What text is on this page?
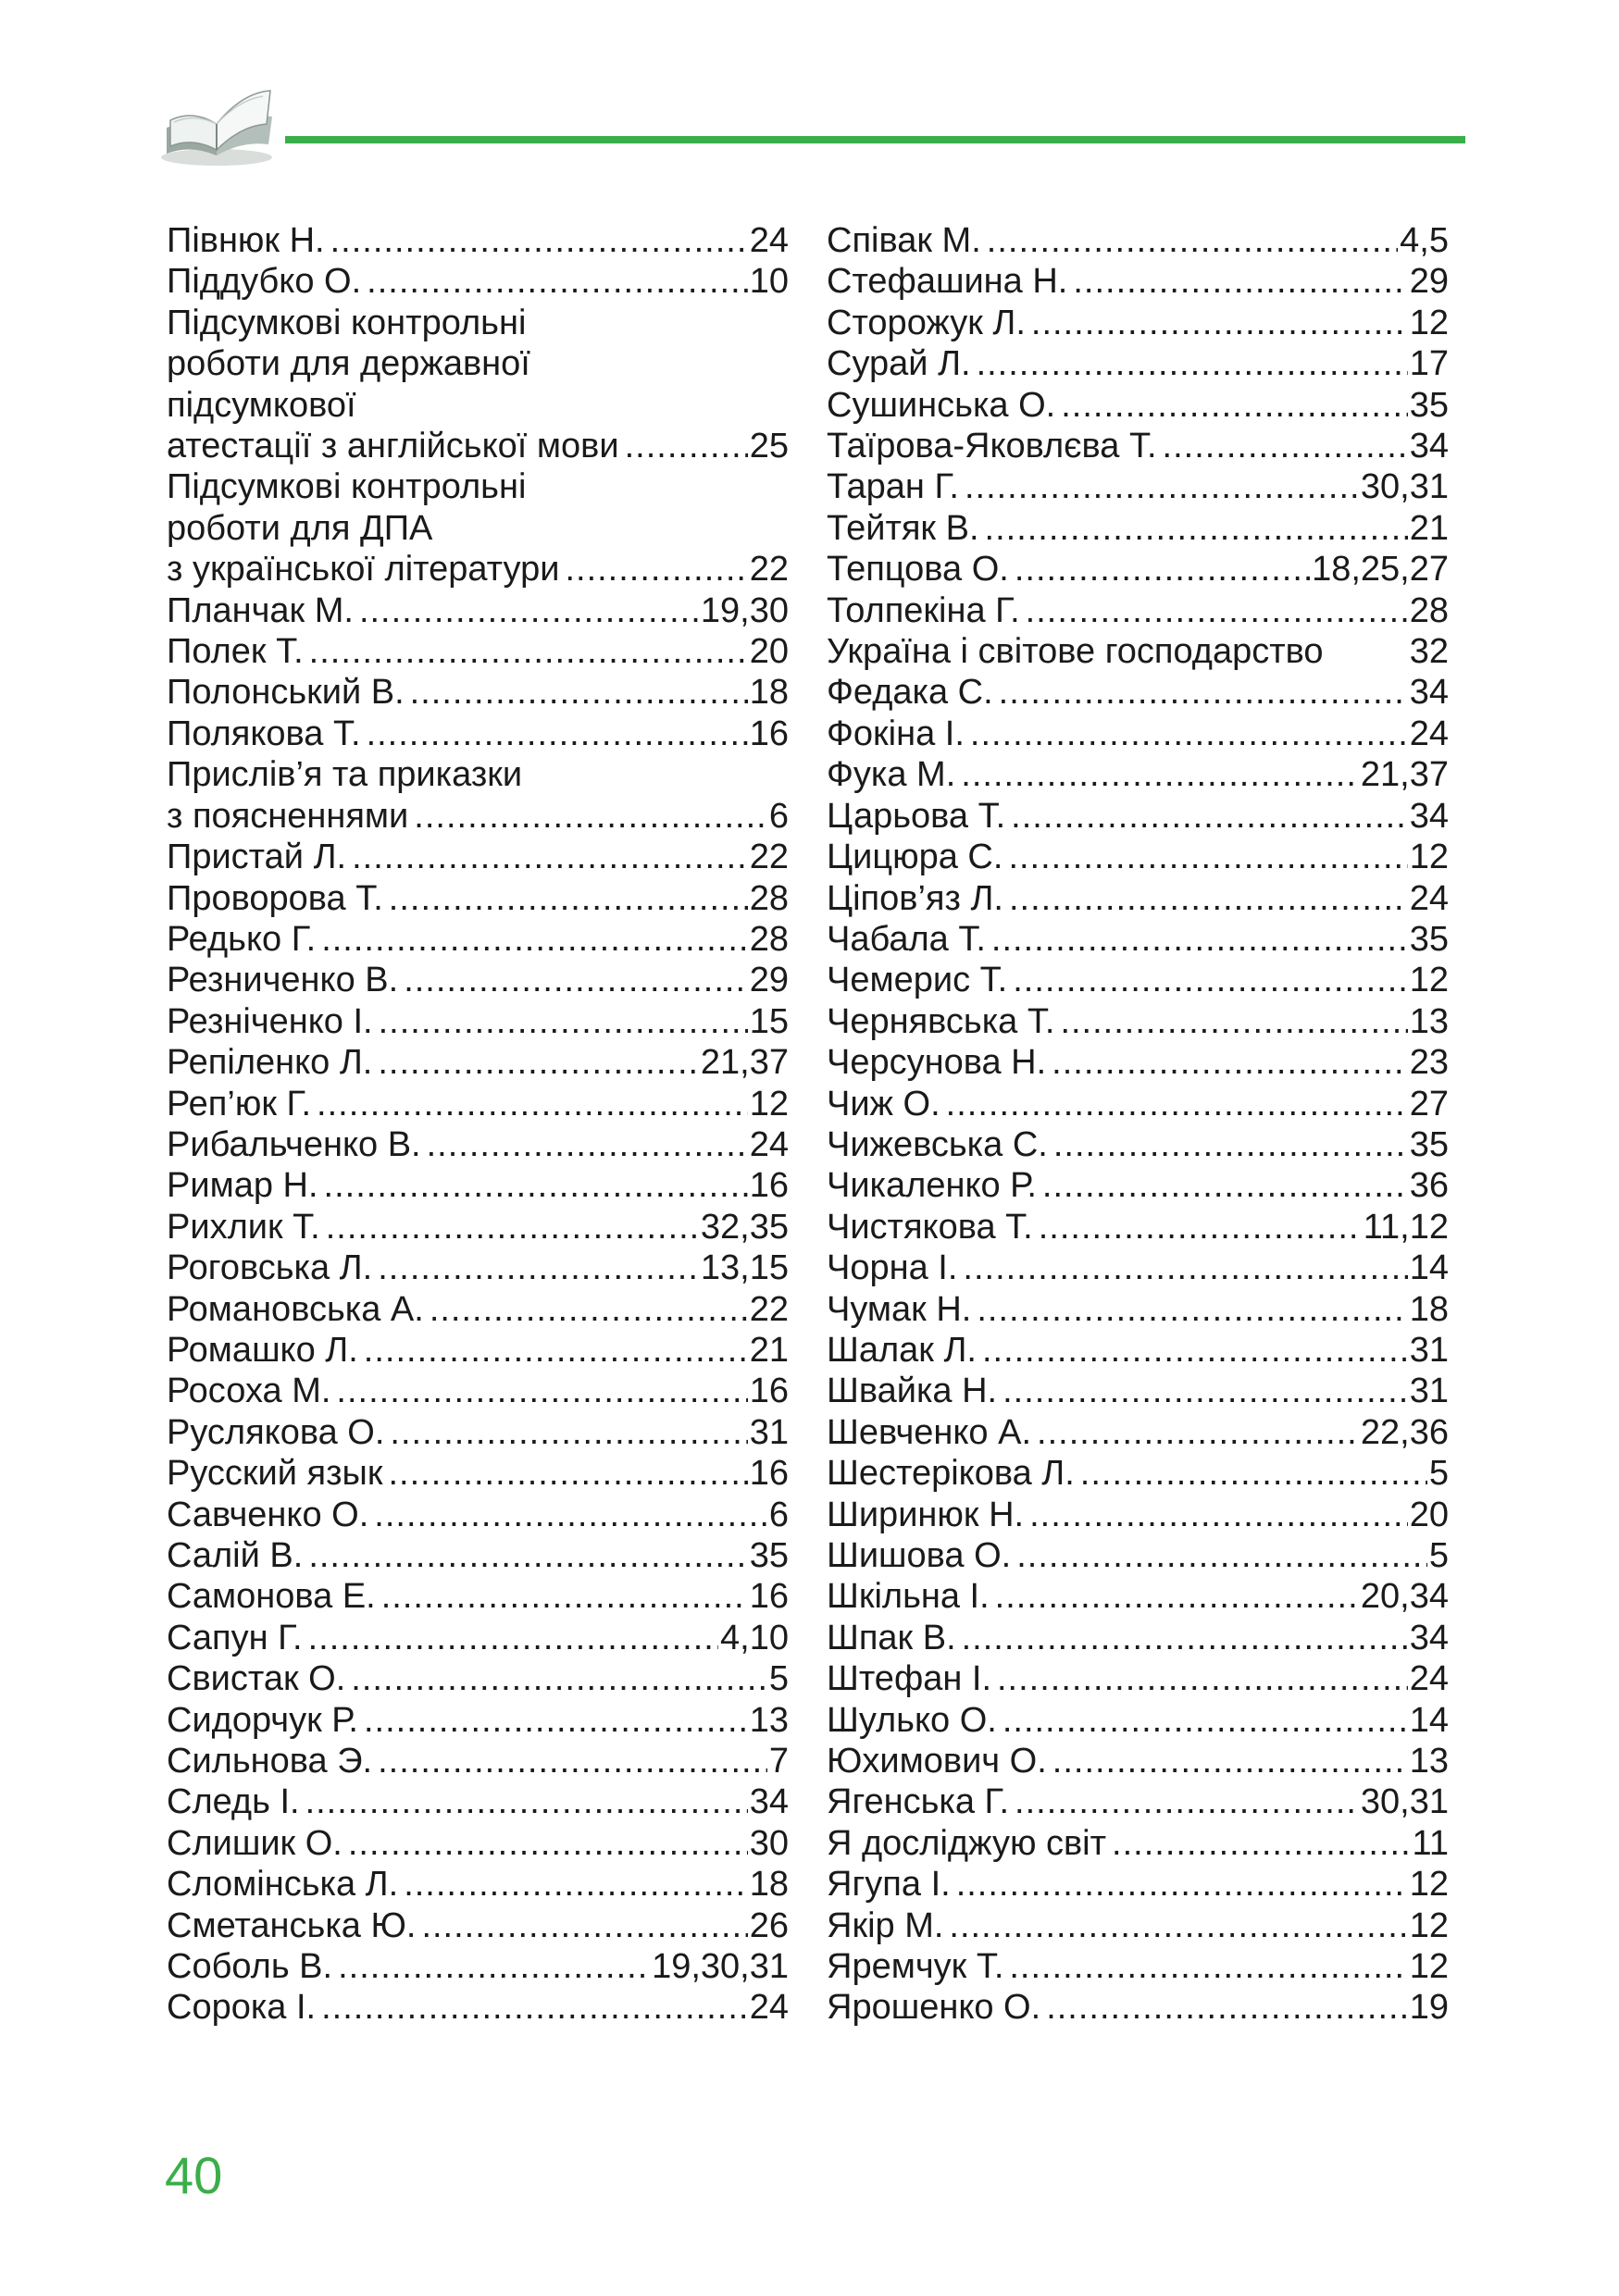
Півнюк Н. .....	24
Піддубко О. .....	10
Підсумкові контрольні
роботи для державної
підсумкової
атестації з англійської мови .....	25
Підсумкові контрольні
роботи для ДПА
з української літератури .....	22
Планчак М. .....	19,30
Полек Т. .....	20
Полонський В. .....	18
Полякова Т. .....	16
Прислів’я та приказки
з поясненнями .....	6
Пристай Л. .....	22
Проворова Т. .....	28
Редько Г. .....	28
Резниченко В. .....	29
Резніченко І. .....	15
Репіленко Л. .....	21,37
Реп’юк Г. .....	12
Рибальченко В. .....	24
Римар Н. .....	16
Рихлик Т. .....	32,35
Роговська Л. .....	13,15
Романовська А. .....	22
Ромашко Л. .....	21
Росоха М. .....	16
Руслякова О. .....	31
Русский язык .....	16
Савченко О. .....	6
Салій В. .....	35
Самонова Е. .....	16
Сапун Г. .....	4,10
Свистак О. .....	5
Сидорчук Р. .....	13
Сильнова Э. .....	7
Следь І. .....	34
Слишик О. .....	30
Сломінська Л. .....	18
Сметанська Ю. .....	26
Соболь В. .....	19,30,31
Сорока І. .....	24
Співак М. .....	4,5
Стефашина Н. .....	29
Сторожук Л. .....	12
Сурай Л. .....	17
Сушинська О. .....	35
Таїрова-Яковлєва Т. .....	34
Таран Г. .....	30,31
Тейтяк В. .....	21
Тепцова О. .....	18,25,27
Толпекіна Г. .....	28
Україна і світове господарство 32
Федака С. .....	34
Фокіна І. .....	24
Фука М. .....	21,37
Царьова Т. .....	34
Цицюра С. .....	12
Ціпов’яз Л. .....	24
Чабала Т. .....	35
Чемерис Т. .....	12
Чернявська Т. .....	13
Черсунова Н. .....	23
Чиж О. .....	27
Чижевська С. .....	35
Чикаленко Р. .....	36
Чистякова Т. .....	11,12
Чорна І. .....	14
Чумак Н. .....	18
Шалак Л. .....	31
Швайка Н. .....	31
Шевченко А. .....	22,36
Шестерікова Л. .....	5
Ширинюк Н. .....	20
Шишова О. .....	5
Шкільна І. .....	20,34
Шпак В. .....	34
Штефан І. .....	24
Шулько О. .....	14
Юхимович О. .....	13
Ягенська Г. .....	30,31
Я досліджую світ .....	11
Ягупа І. .....	12
Якір М. .....	12
Яремчук Т. .....	12
Ярошенко О. .....	19
40
